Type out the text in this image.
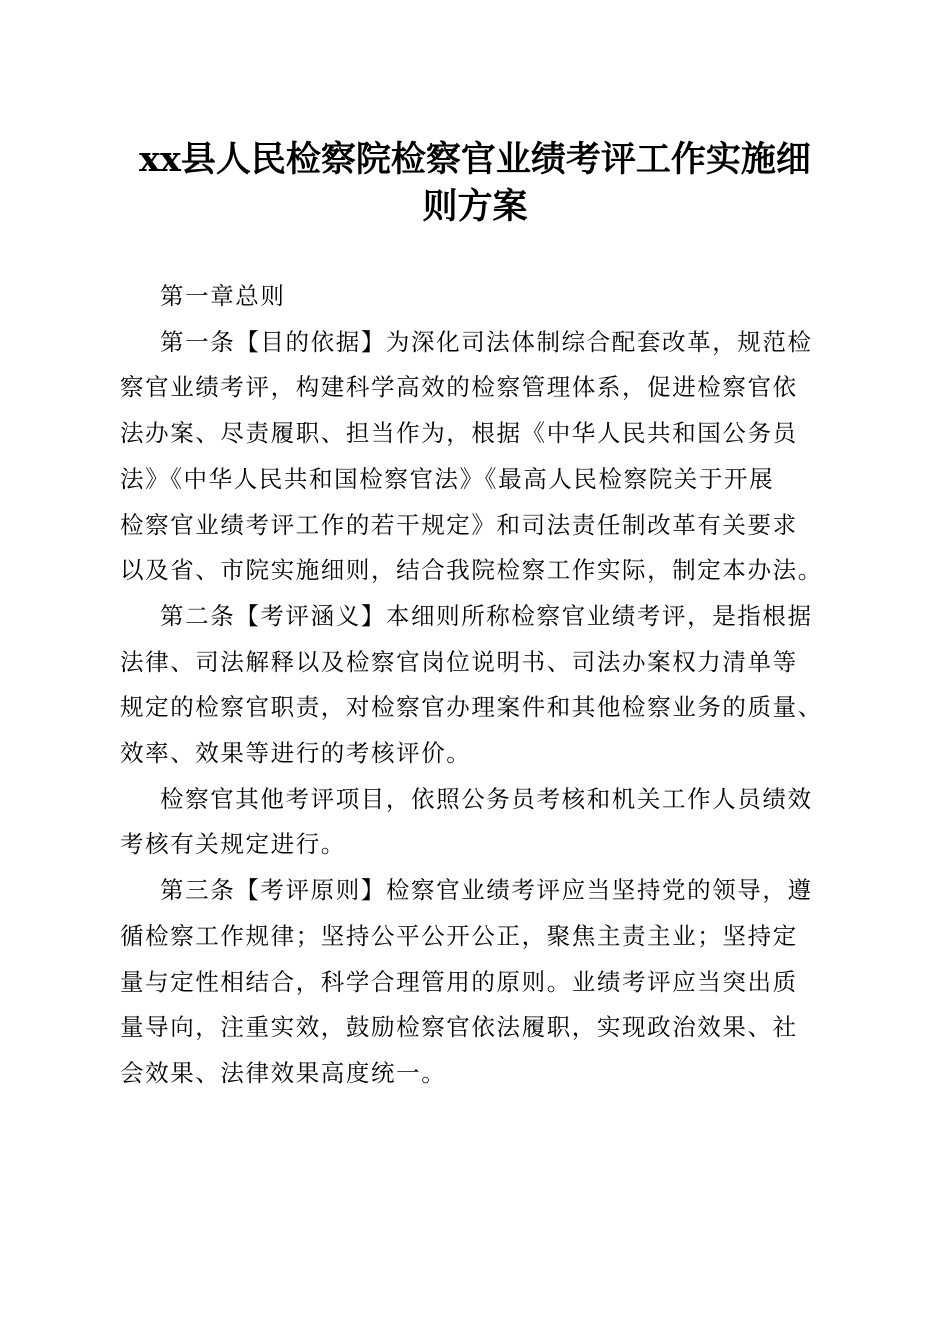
xx县人民检察院检察官业绩考评工作实施细
则方案
第一章总则
第一条【目的依据】为深化司法体制综合配套改革，规范检
察官业绩考评，构建科学高效的检察管理体系，促进检察官依
法办案、尽责履职、担当作为，根据《中华人民共和国公务员
法》《中华人民共和国检察官法》《最高人民检察院关于开展
检察官业绩考评工作的若干规定》和司法责任制改革有关要求
以及省、市院实施细则，结合我院检察工作实际，制定本办法。
第二条【考评涵义】本细则所称检察官业绩考评，是指根据
法律、司法解释以及检察官岗位说明书、司法办案权力清单等
规定的检察官职责，对检察官办理案件和其他检察业务的质量、
效率、效果等进行的考核评价。
检察官其他考评项目，依照公务员考核和机关工作人员绩效
考核有关规定进行。
第三条【考评原则】检察官业绩考评应当坚持党的领导，遵
循检察工作规律；坚持公平公开公正，聚焦主责主业；坚持定
量与定性相结合，科学合理管用的原则。业绩考评应当突出质
量导向，注重实效，鼓励检察官依法履职，实现政治效果、社
会效果、法律效果高度统一。
